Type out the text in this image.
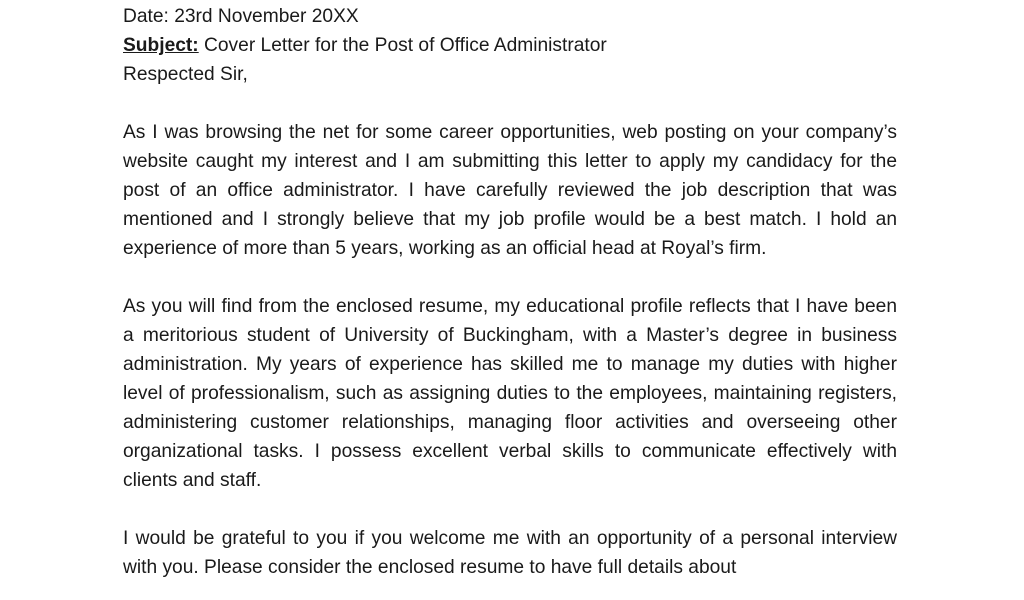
Date: 23rd November 20XX

Subject: Cover Letter for the Post of Office Administrator

Respected Sir,

As I was browsing the net for some career opportunities, web posting on your company’s website caught my interest and I am submitting this letter to apply my candidacy for the post of an office administrator. I have carefully reviewed the job description that was mentioned and I strongly believe that my job profile would be a best match. I hold an experience of more than 5 years, working as an official head at Royal’s firm.

As you will find from the enclosed resume, my educational profile reflects that I have been a meritorious student of University of Buckingham, with a Master’s degree in business administration. My years of experience has skilled me to manage my duties with higher level of professionalism, such as assigning duties to the employees, maintaining registers, administering customer relationships, managing floor activities and overseeing other organizational tasks. I possess excellent verbal skills to communicate effectively with clients and staff.

I would be grateful to you if you welcome me with an opportunity of a personal interview with you. Please consider the enclosed resume to have full details about
